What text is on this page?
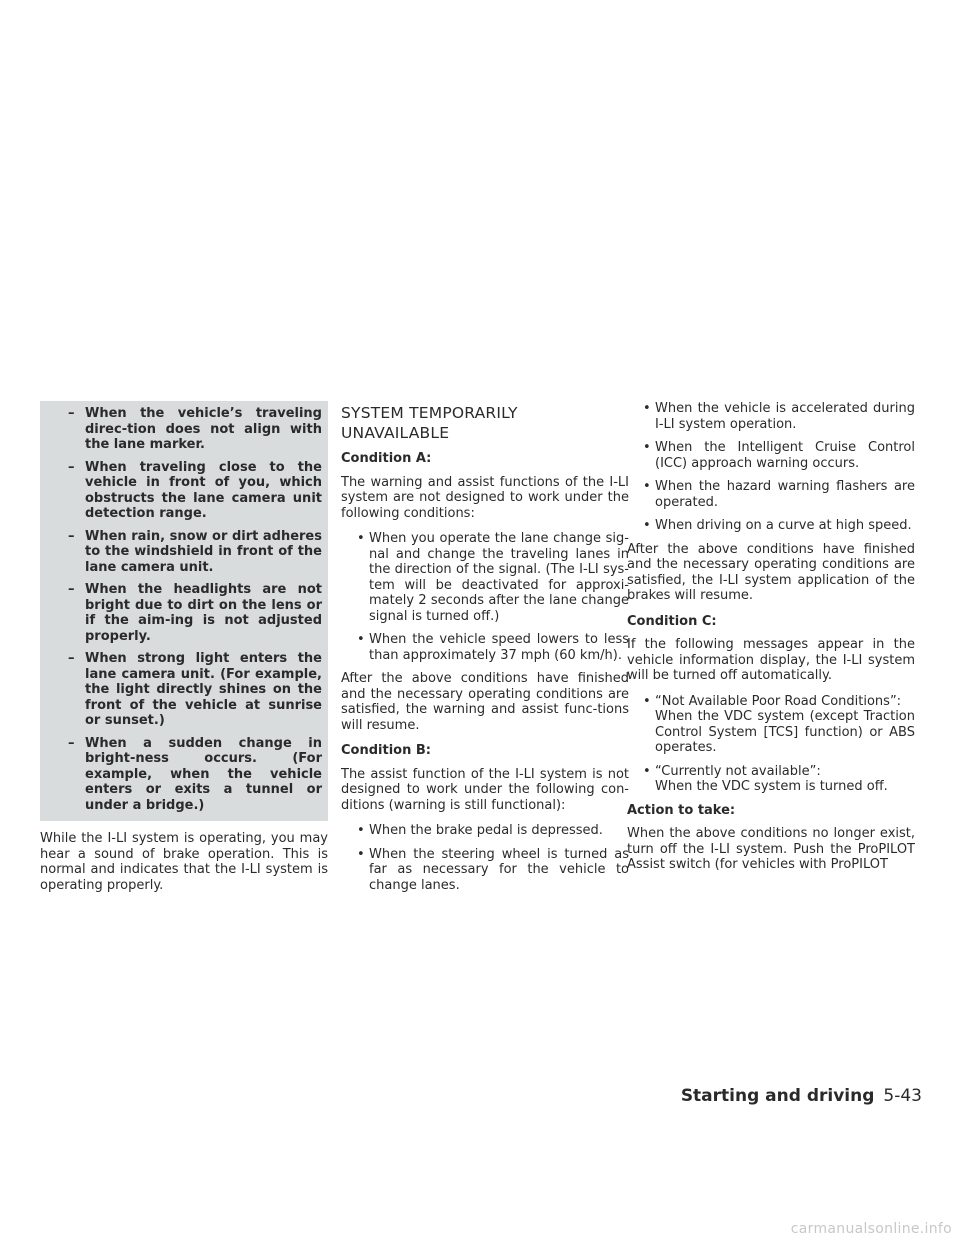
– When the vehicle’s traveling direc-tion does not align with the lane marker.
– When traveling close to the vehicle in front of you, which obstructs the lane camera unit detection range.
– When rain, snow or dirt adheres to the windshield in front of the lane camera unit.
– When the headlights are not bright due to dirt on the lens or if the aim-ing is not adjusted properly.
– When strong light enters the lane camera unit. (For example, the light directly shines on the front of the vehicle at sunrise or sunset.)
– When a sudden change in bright-ness occurs. (For example, when the vehicle enters or exits a tunnel or under a bridge.)

While the I-LI system is operating, you may hear a sound of brake operation. This is normal and indicates that the I-LI system is operating properly.

SYSTEM TEMPORARILY
UNAVAILABLE
Condition A:

The warning and assist functions of the I-LI system are not designed to work under the following conditions:

• When you operate the lane change sig-nal and change the traveling lanes in the direction of the signal. (The I-LI sys-tem will be deactivated for approxi-mately 2 seconds after the lane change signal is turned off.)
• When the vehicle speed lowers to less than approximately 37 mph (60 km/h).

After the above conditions have finished and the necessary operating conditions are satisfied, the warning and assist func-tions will resume.

Condition B:

The assist function of the I-LI system is not designed to work under the following con-ditions (warning is still functional):

• When the brake pedal is depressed.
• When the steering wheel is turned as far as necessary for the vehicle to change lanes.
• When the vehicle is accelerated during I-LI system operation.
• When the Intelligent Cruise Control (ICC) approach warning occurs.
• When the hazard warning flashers are operated.
• When driving on a curve at high speed.

After the above conditions have finished and the necessary operating conditions are satisfied, the I-LI system application of the brakes will resume.

Condition C:

If the following messages appear in the vehicle information display, the I-LI system will be turned off automatically.

• “Not Available Poor Road Conditions”:
When the VDC system (except Traction Control System [TCS] function) or ABS operates.
• “Currently not available”:
When the VDC system is turned off.
Action to take:

When the above conditions no longer exist, turn off the I-LI system. Push the ProPILOT Assist switch (for vehicles with ProPILOT

Starting and driving 5-43
carmanualsonline.info
